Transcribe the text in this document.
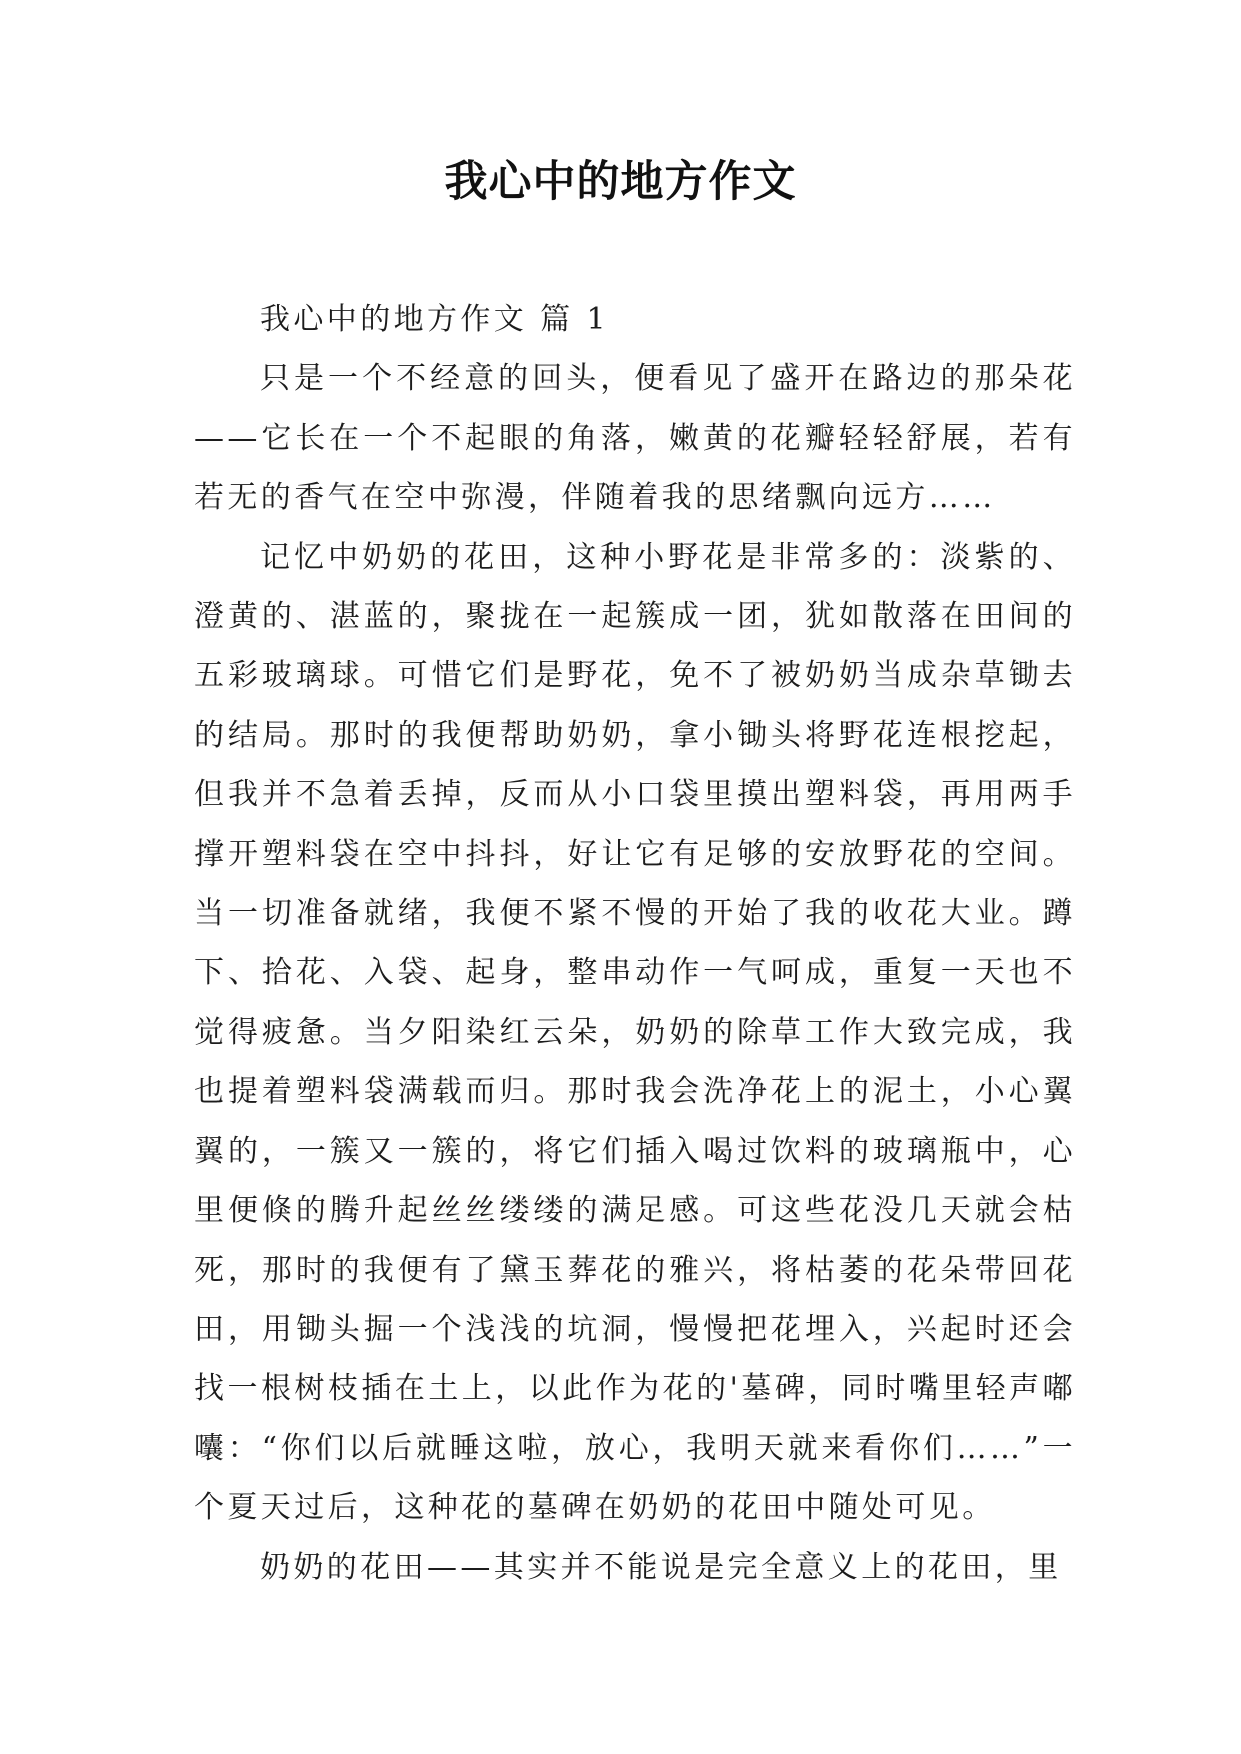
我心中的地方作文

我心中的地方作文 篇 1

只是一个不经意的回头，便看见了盛开在路边的那朵花——它长在一个不起眼的角落，嫩黄的花瓣轻轻舒展，若有若无的香气在空中弥漫，伴随着我的思绪飘向远方……

记忆中奶奶的花田，这种小野花是非常多的：淡紫的、澄黄的、湛蓝的，聚拢在一起簇成一团，犹如散落在田间的五彩玻璃球。可惜它们是野花，免不了被奶奶当成杂草锄去的结局。那时的我便帮助奶奶，拿小锄头将野花连根挖起，但我并不急着丢掉，反而从小口袋里摸出塑料袋，再用两手撑开塑料袋在空中抖抖，好让它有足够的安放野花的空间。当一切准备就绪，我便不紧不慢的开始了我的收花大业。蹲下、拾花、入袋、起身，整串动作一气呵成，重复一天也不觉得疲惫。当夕阳染红云朵，奶奶的除草工作大致完成，我也提着塑料袋满载而归。那时我会洗净花上的泥土，小心翼翼的，一簇又一簇的，将它们插入喝过饮料的玻璃瓶中，心里便倏的腾升起丝丝缕缕的满足感。可这些花没几天就会枯死，那时的我便有了黛玉葬花的雅兴，将枯萎的花朵带回花田，用锄头掘一个浅浅的坑洞，慢慢把花埋入，兴起时还会找一根树枝插在土上，以此作为花的'墓碑，同时嘴里轻声嘟囔：“你们以后就睡这啦，放心，我明天就来看你们……”一个夏天过后，这种花的墓碑在奶奶的花田中随处可见。

奶奶的花田——其实并不能说是完全意义上的花田，里
